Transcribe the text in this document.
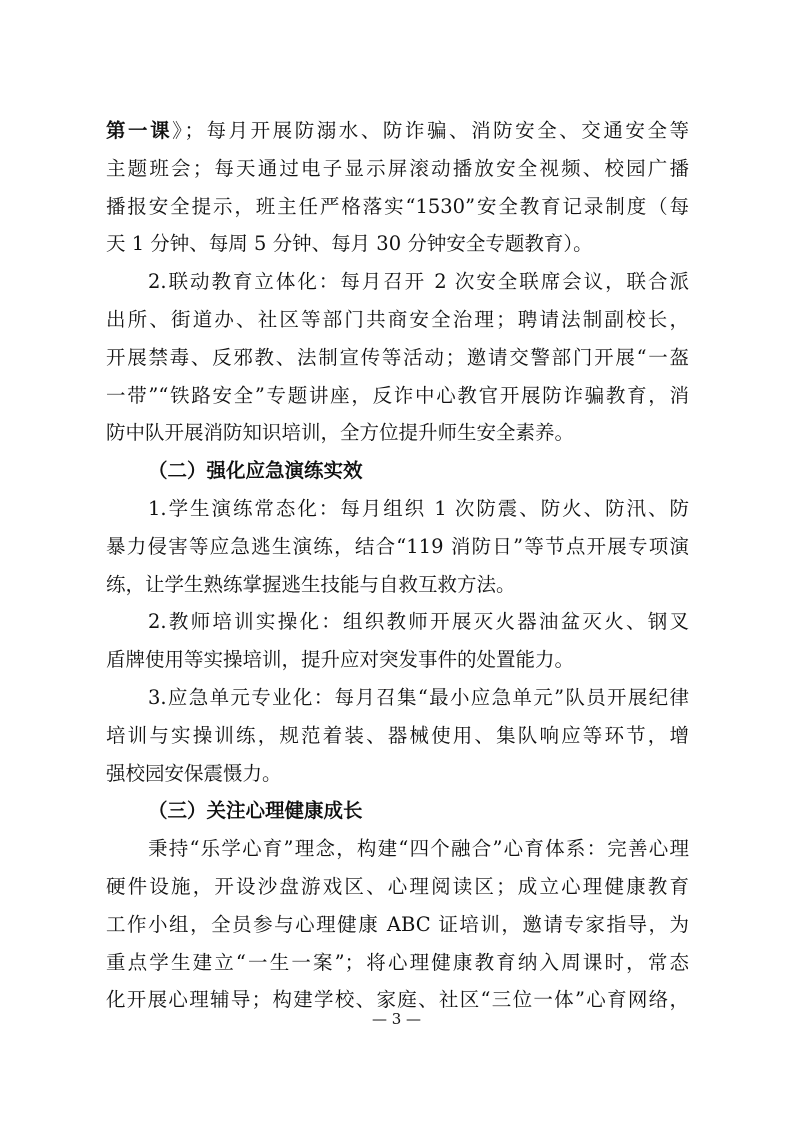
第一课》；每月开展防溺水、防诈骗、消防安全、交通安全等
主题班会；每天通过电子显示屏滚动播放安全视频、校园广播
播报安全提示，班主任严格落实“1530”安全教育记录制度（每
天 1 分钟、每周 5 分钟、每月 30 分钟安全专题教育）。
2.联动教育立体化：每月召开 2 次安全联席会议，联合派
出所、街道办、社区等部门共商安全治理；聘请法制副校长，
开展禁毒、反邪教、法制宣传等活动；邀请交警部门开展“一盔
一带”“铁路安全”专题讲座，反诈中心教官开展防诈骗教育，消
防中队开展消防知识培训，全方位提升师生安全素养。
（二）强化应急演练实效
1.学生演练常态化：每月组织 1 次防震、防火、防汛、防
暴力侵害等应急逃生演练，结合“119 消防日”等节点开展专项演
练，让学生熟练掌握逃生技能与自救互救方法。
2.教师培训实操化：组织教师开展灭火器油盆灭火、钢叉
盾牌使用等实操培训，提升应对突发事件的处置能力。
3.应急单元专业化：每月召集“最小应急单元”队员开展纪律
培训与实操训练，规范着装、器械使用、集队响应等环节，增
强校园安保震慑力。
（三）关注心理健康成长
秉持“乐学心育”理念，构建“四个融合”心育体系：完善心理
硬件设施，开设沙盘游戏区、心理阅读区；成立心理健康教育
工作小组，全员参与心理健康 ABC 证培训，邀请专家指导，为
重点学生建立“一生一案”；将心理健康教育纳入周课时，常态
化开展心理辅导；构建学校、家庭、社区“三位一体”心育网络，
— 3 —
